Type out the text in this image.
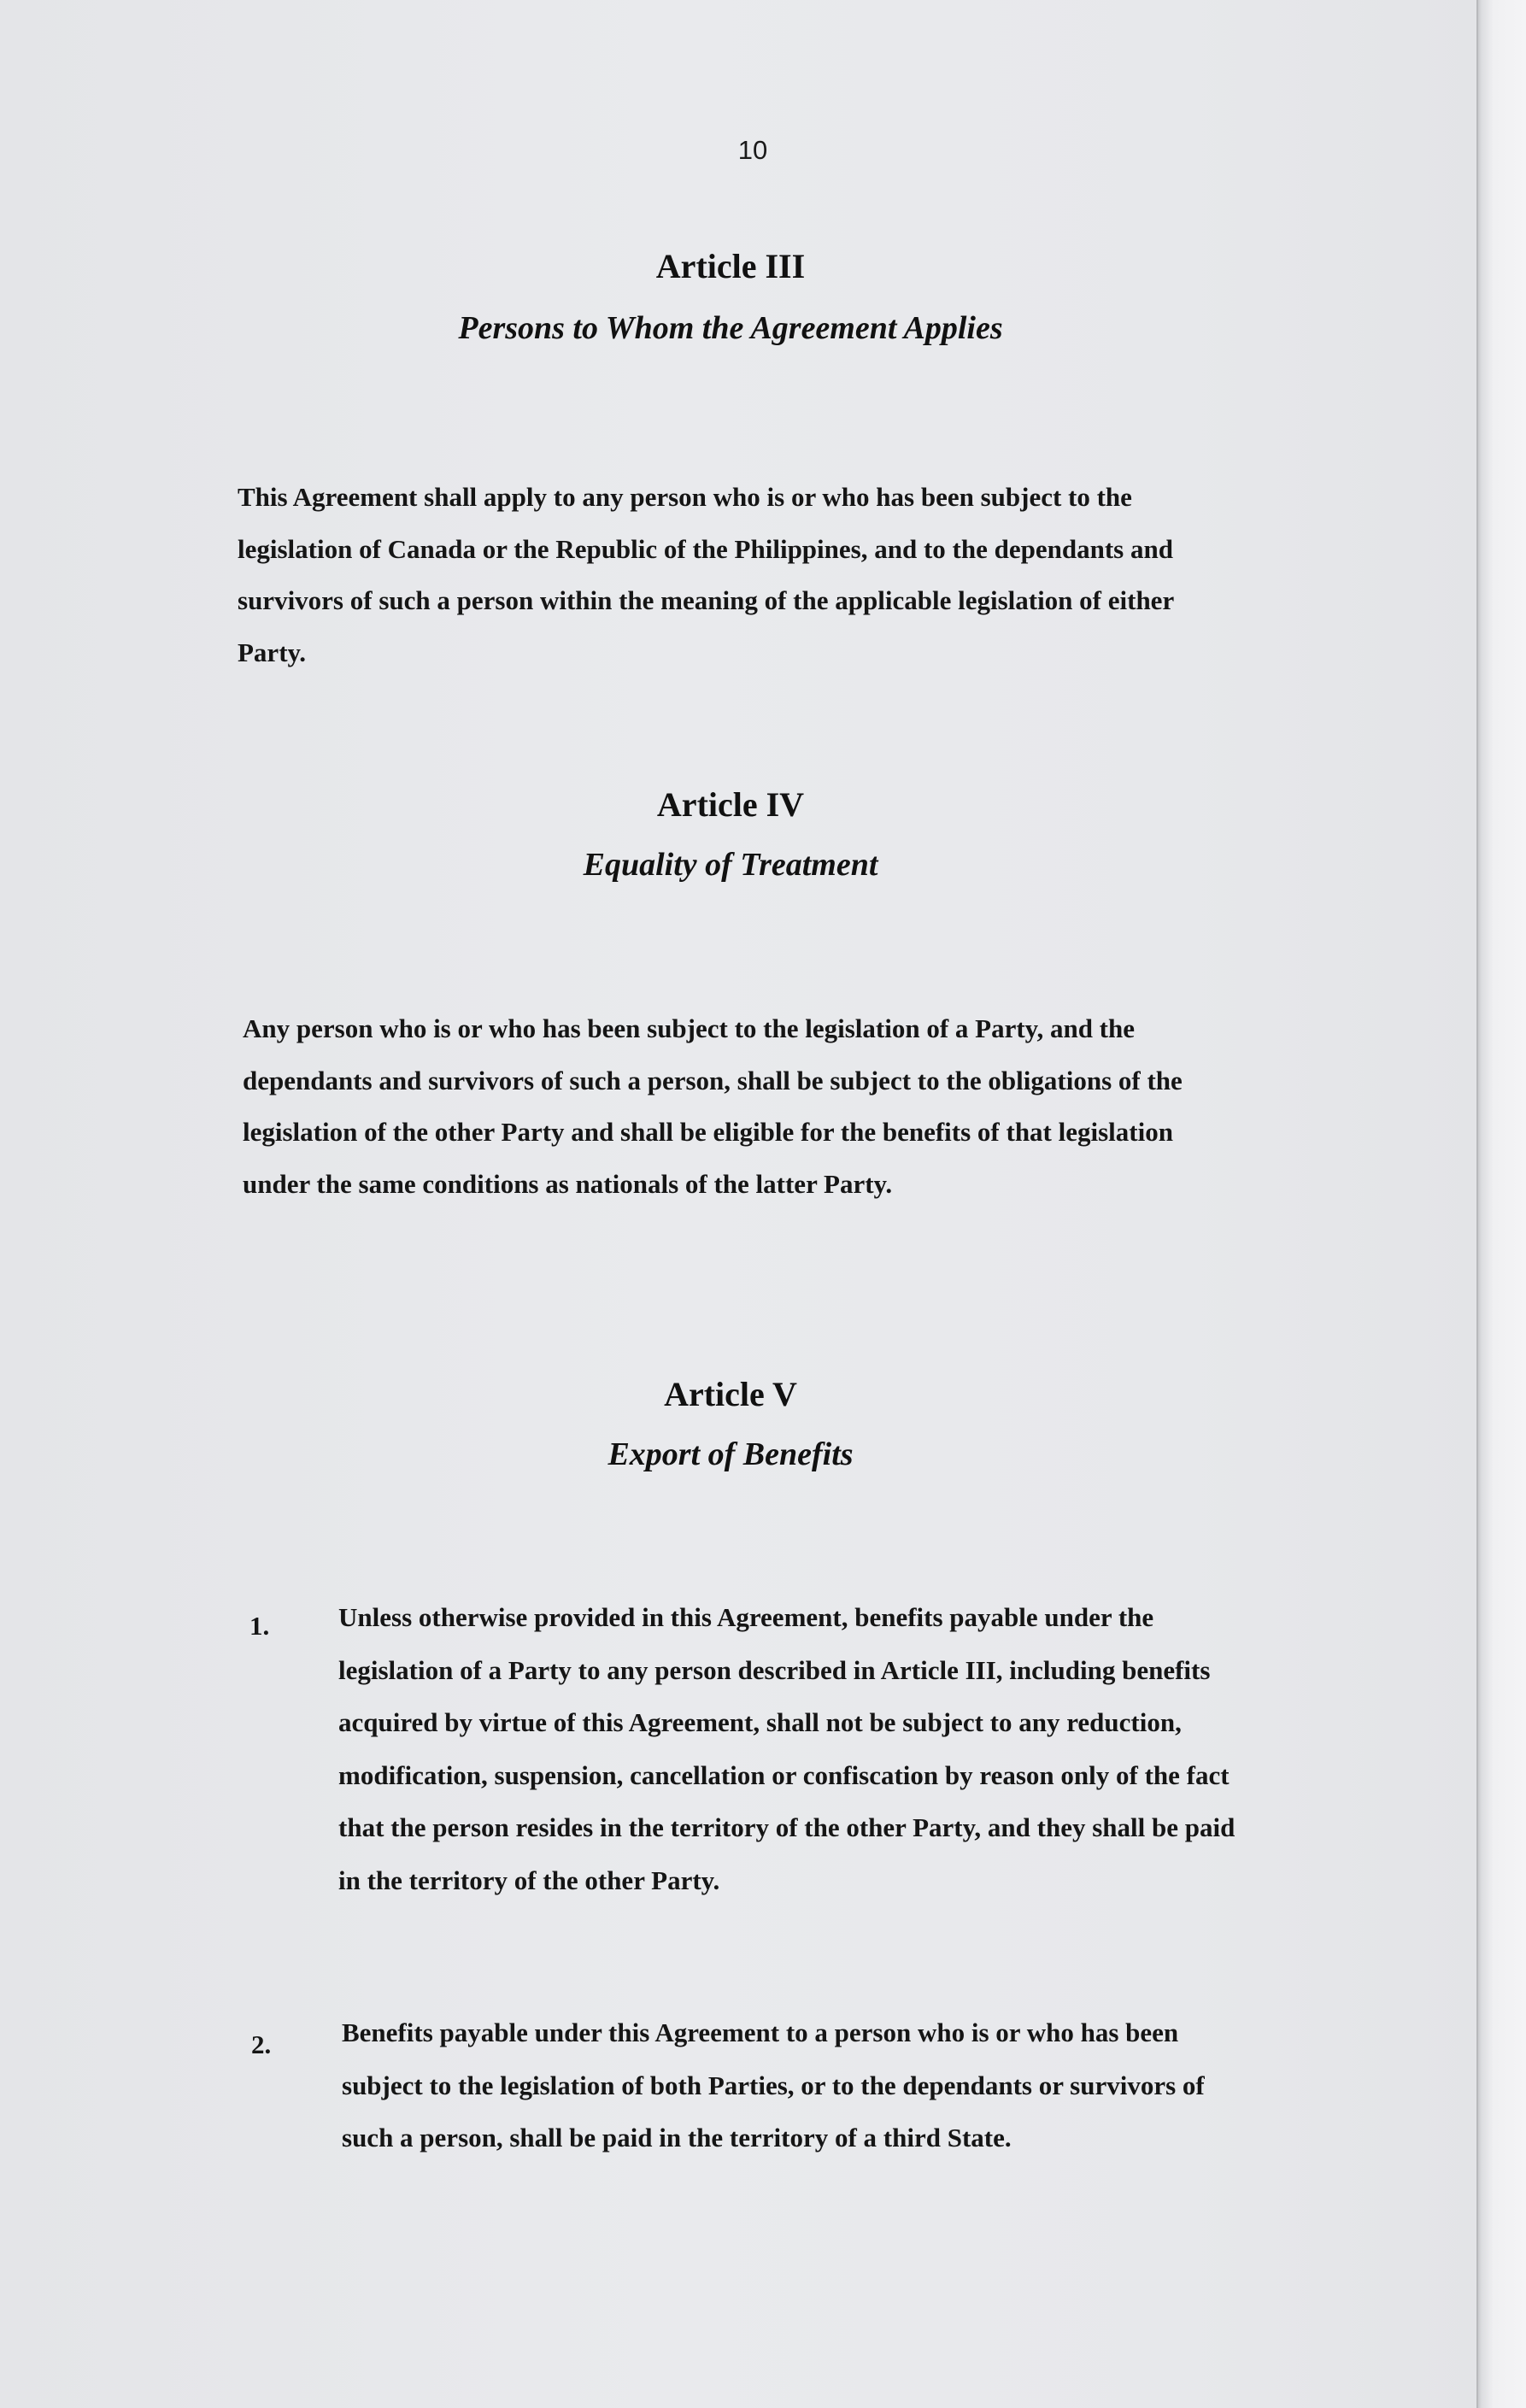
10
Article III
Persons to Whom the Agreement Applies

This Agreement shall apply to any person who is or who has been subject to the legislation of Canada or the Republic of the Philippines, and to the dependants and survivors of such a person within the meaning of the applicable legislation of either Party.

Article IV
Equality of Treatment

Any person who is or who has been subject to the legislation of a Party, and the dependants and survivors of such a person, shall be subject to the obligations of the legislation of the other Party and shall be eligible for the benefits of that legislation under the same conditions as nationals of the latter Party.

Article V
Export of Benefits
1.	Unless otherwise provided in this Agreement, benefits payable under the legislation of a Party to any person described in Article III, including benefits acquired by virtue of this Agreement, shall not be subject to any reduction, modification, suspension, cancellation or confiscation by reason only of the fact that the person resides in the territory of the other Party, and they shall be paid in the territory of the other Party.

2.	Benefits payable under this Agreement to a person who is or who has been subject to the legislation of both Parties, or to the dependants or survivors of such a person, shall be paid in the territory of a third State.
